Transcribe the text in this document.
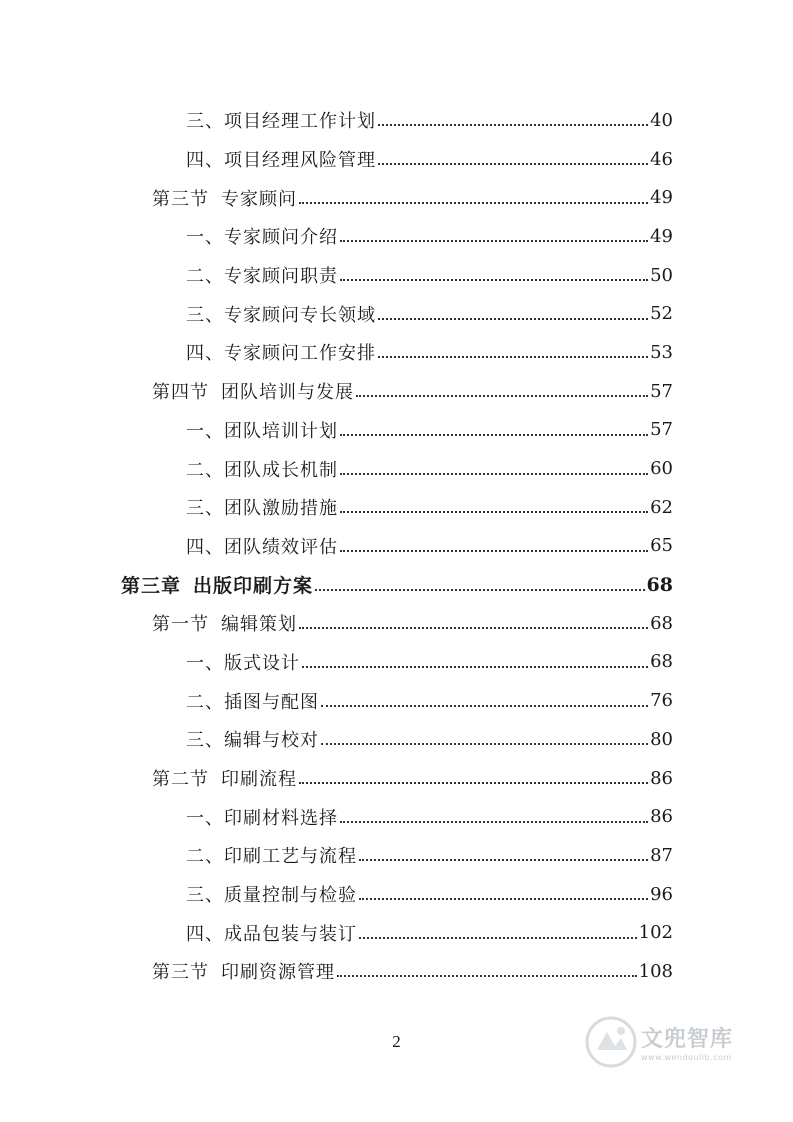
三、项目经理工作计划	40
四、项目经理风险管理	46
第三节 专家顾问	49
一、专家顾问介绍	49
二、专家顾问职责	50
三、专家顾问专长领域	52
四、专家顾问工作安排	53
第四节 团队培训与发展	57
一、团队培训计划	57
二、团队成长机制	60
三、团队激励措施	62
四、团队绩效评估	65
第三章 出版印刷方案	68
第一节 编辑策划	68
一、版式设计	68
二、插图与配图	76
三、编辑与校对	80
第二节 印刷流程	86
一、印刷材料选择	86
二、印刷工艺与流程	87
三、质量控制与检验	96
四、成品包装与装订	102
第三节 印刷资源管理	108
2	文兜智库
www.wendoulib.com
